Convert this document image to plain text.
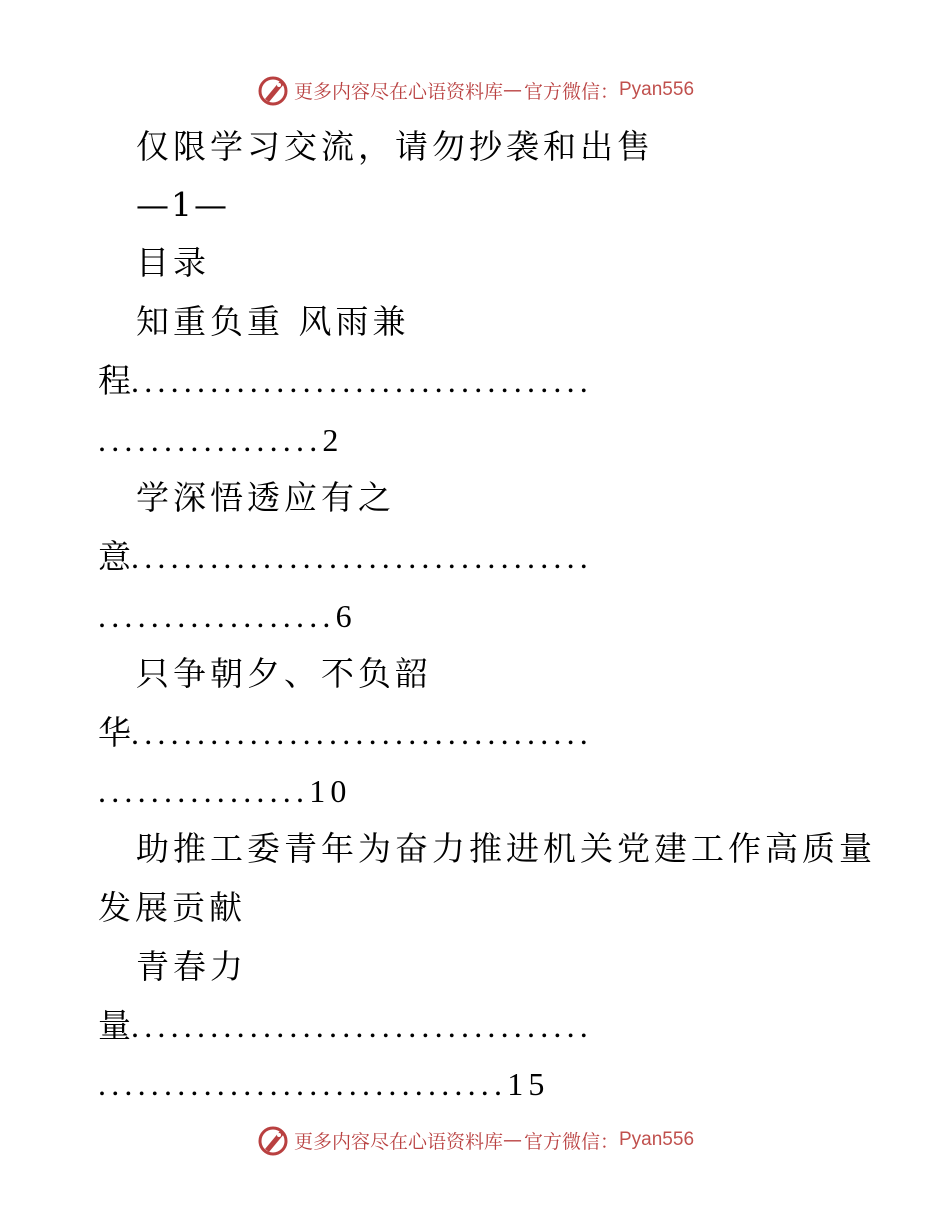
更多内容尽在心语资料库 — 官方微信： Pyan556
仅限学习交流，请勿抄袭和出售
—1—
目录
知重负重 风雨兼
程...................................
.................2
学深悟透应有之
意...................................
..................6
只争朝夕、不负韶
华...................................
................10
助推工委青年为奋力推进机关党建工作高质量
发展贡献
青春力
量...................................
...............................15
更多内容尽在心语资料库 — 官方微信： Pyan556
